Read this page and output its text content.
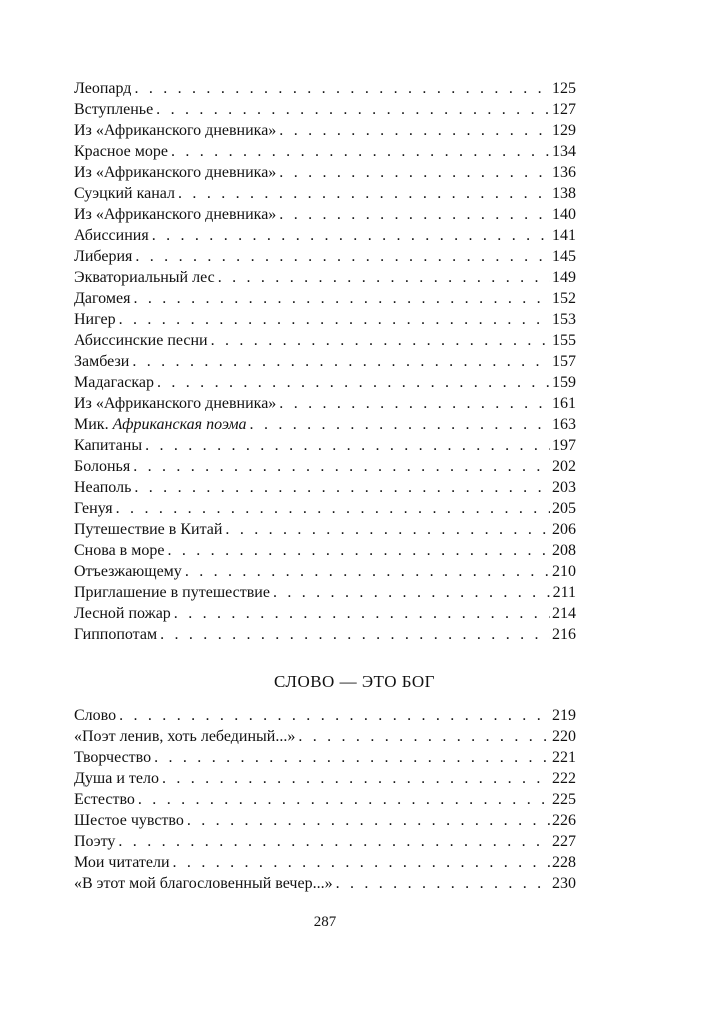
Леопард . . .	125
Вступленье . . .	127
Из «Африканского дневника» . . .	129
Красное море . . .	134
Из «Африканского дневника» . . .	136
Суэцкий канал . . .	138
Из «Африканского дневника» . . .	140
Абиссиния . . .	141
Либерия . . .	145
Экваториальный лес . . .	149
Дагомея . . .	152
Нигер . . .	153
Абиссинские песни . . .	155
Замбези . . .	157
Мадагаскар . . .	159
Из «Африканского дневника» . . .	161
Мик. Африканская поэма . . .	163
Капитаны . . .	197
Болонья . . .	202
Неаполь . . .	203
Генуя . . .	205
Путешествие в Китай . . .	206
Снова в море . . .	208
Отъезжающему . . .	210
Приглашение в путешествие . . .	211
Лесной пожар . . .	214
Гиппопотам . . .	216
СЛОВО — ЭТО БОГ
Слово . . .	219
«Поэт ленив, хоть лебединый...» . . .	220
Творчество . . .	221
Душа и тело . . .	222
Естество . . .	225
Шестое чувство . . .	226
Поэту . . .	227
Мои читатели . . .	228
«В этот мой благословенный вечер...» . . .	230
287
